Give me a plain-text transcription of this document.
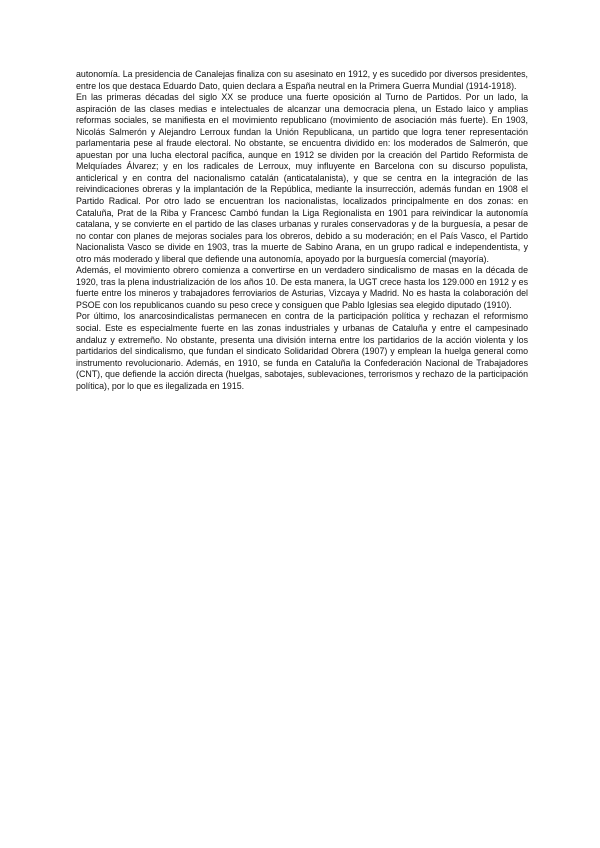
autonomía. La presidencia de Canalejas finaliza con su asesinato en 1912, y es sucedido por diversos presidentes, entre los que destaca Eduardo Dato, quien declara a España neutral en la Primera Guerra Mundial (1914-1918).

En las primeras décadas del siglo XX se produce una fuerte oposición al Turno de Partidos. Por un lado, la aspiración de las clases medias e intelectuales de alcanzar una democracia plena, un Estado laico y amplias reformas sociales, se manifiesta en el movimiento republicano (movimiento de asociación más fuerte). En 1903, Nicolás Salmerón y Alejandro Lerroux fundan la Unión Republicana, un partido que logra tener representación parlamentaria pese al fraude electoral. No obstante, se encuentra dividido en: los moderados de Salmerón, que apuestan por una lucha electoral pacífica, aunque en 1912 se dividen por la creación del Partido Reformista de Melquíades Álvarez; y en los radicales de Lerroux, muy influyente en Barcelona con su discurso populista, anticlerical y en contra del nacionalismo catalán (anticatalanista), y que se centra en la integración de las reivindicaciones obreras y la implantación de la República, mediante la insurrección, además fundan en 1908 el Partido Radical. Por otro lado se encuentran los nacionalistas, localizados principalmente en dos zonas: en Cataluña, Prat de la Riba y Francesc Cambó fundan la Liga Regionalista en 1901 para reivindicar la autonomía catalana, y se convierte en el partido de las clases urbanas y rurales conservadoras y de la burguesía, a pesar de no contar con planes de mejoras sociales para los obreros, debido a su moderación; en el País Vasco, el Partido Nacionalista Vasco se divide en 1903, tras la muerte de Sabino Arana, en un grupo radical e independentista, y otro más moderado y liberal que defiende una autonomía, apoyado por la burguesía comercial (mayoría).

Además, el movimiento obrero comienza a convertirse en un verdadero sindicalismo de masas en la década de 1920, tras la plena industrialización de los años 10. De esta manera, la UGT crece hasta los 129.000 en 1912 y es fuerte entre los mineros y trabajadores ferroviarios de Asturias, Vizcaya y Madrid. No es hasta la colaboración del PSOE con los republicanos cuando su peso crece y consiguen que Pablo Iglesias sea elegido diputado (1910).

Por último, los anarcosindicalistas permanecen en contra de la participación política y rechazan el reformismo social. Este es especialmente fuerte en las zonas industriales y urbanas de Cataluña y entre el campesinado andaluz y extremeño. No obstante, presenta una división interna entre los partidarios de la acción violenta y los partidarios del sindicalismo, que fundan el sindicato Solidaridad Obrera (1907) y emplean la huelga general como instrumento revolucionario. Además, en 1910, se funda en Cataluña la Confederación Nacional de Trabajadores (CNT), que defiende la acción directa (huelgas, sabotajes, sublevaciones, terrorismos y rechazo de la participación política), por lo que es ilegalizada en 1915.
